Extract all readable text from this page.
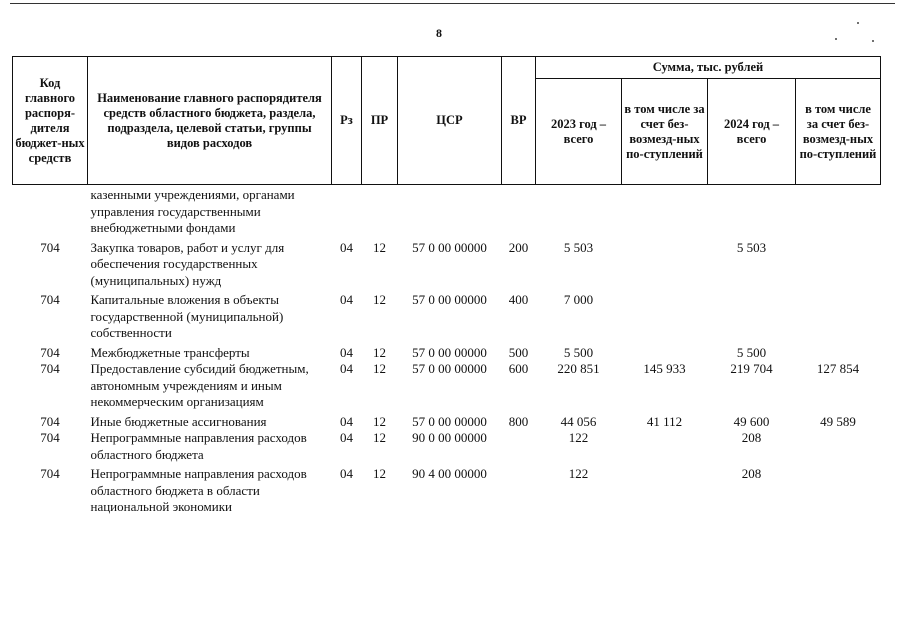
8
Код главного распоря-дителя бюджет-ных средств	Наименование главного распорядителя средств областного бюджета, раздела, подраздела, целевой статьи, группы видов расходов	Рз	ПР	ЦСР	ВР	Сумма, тыс. рублей			
						2023 год – всего	в том числе за счет без-возмезд-ных по-ступлений	2024 год – всего	в том числе за счет без-возмезд-ных по-ступлений
	казенными учреждениями, органами управления государственными внебюджетными фондами								
704	Закупка товаров, работ и услуг для обеспечения государственных (муниципальных) нужд	04	12	57 0 00 00000	200	5 503		5 503	
704	Капитальные вложения в объекты государственной (муниципальной) собственности	04	12	57 0 00 00000	400	7 000			
704	Межбюджетные трансферты	04	12	57 0 00 00000	500	5 500		5 500	
704	Предоставление субсидий бюджетным, автономным учреждениям и иным некоммерческим организациям	04	12	57 0 00 00000	600	220 851	145 933	219 704	127 854
704	Иные бюджетные ассигнования	04	12	57 0 00 00000	800	44 056	41 112	49 600	49 589
704	Непрограммные направления расходов областного бюджета	04	12	90 0 00 00000		122		208	
704	Непрограммные направления расходов областного бюджета в области национальной экономики	04	12	90 4 00 00000		122		208	
